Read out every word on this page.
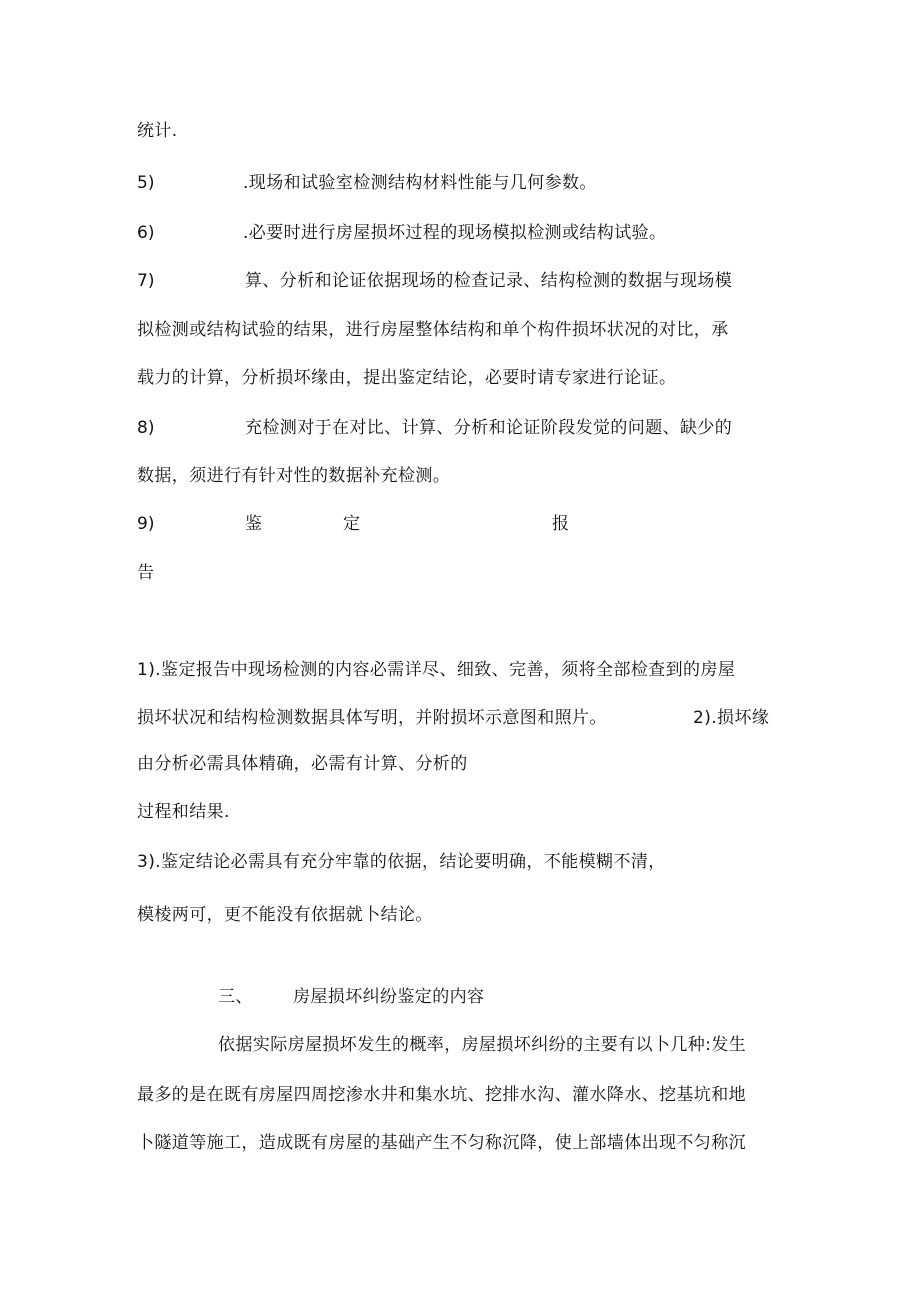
统计.
5)	.现场和试验室检测结构材料性能与几何参数。
6)	.必要时进行房屋损坏过程的现场模拟检测或结构试验。
7)	算、分析和论证依据现场的检查记录、结构检测的数据与现场模
拟检测或结构试验的结果，进行房屋整体结构和单个构件损坏状况的对比，承
载力的计算，分析损坏缘由，提出鉴定结论，必要时请专家进行论证。
8)	充检测对于在对比、计算、分析和论证阶段发觉的问题、缺少的
数据，须进行有针对性的数据补充检测。
9)	鉴	定	报
告
1).鉴定报告中现场检测的内容必需详尽、细致、完善，须将全部检查到的房屋
损坏状况和结构检测数据具体写明，并附损坏示意图和照片。	2).损坏缘
由分析必需具体精确，必需有计算、分析的
过程和结果.
3).鉴定结论必需具有充分牢靠的依据，结论要明确，不能模糊不清，
模棱两可，更不能没有依据就卜结论。
三、 房屋损坏纠纷鉴定的内容
依据实际房屋损坏发生的概率，房屋损坏纠纷的主要有以卜几种:发生
最多的是在既有房屋四周挖渗水井和集水坑、挖排水沟、灌水降水、挖基坑和地
卜隧道等施工，造成既有房屋的基础产生不匀称沉降，使上部墙体出现不匀称沉
